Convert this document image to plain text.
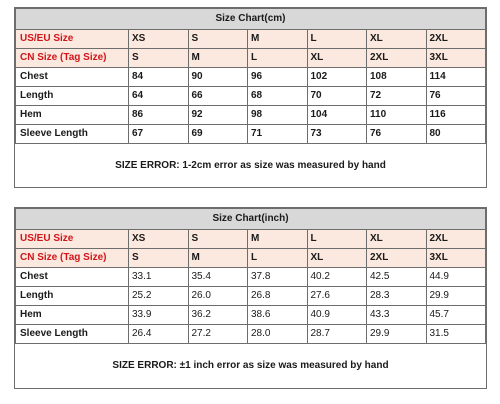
Size Chart(cm)						
US/EU Size	XS	S	M	L	XL	2XL
CN Size (Tag Size)	S	M	L	XL	2XL	3XL
Chest	84	90	96	102	108	114
Length	64	66	68	70	72	76
Hem	86	92	98	104	110	116
Sleeve Length	67	69	71	73	76	80
SIZE ERROR: 1-2cm error as size was measured by hand
Size Chart(inch)						
US/EU Size	XS	S	M	L	XL	2XL
CN Size (Tag Size)	S	M	L	XL	2XL	3XL
Chest	33.1	35.4	37.8	40.2	42.5	44.9
Length	25.2	26.0	26.8	27.6	28.3	29.9
Hem	33.9	36.2	38.6	40.9	43.3	45.7
Sleeve Length	26.4	27.2	28.0	28.7	29.9	31.5
SIZE ERROR: ±1 inch error as size was measured by hand
